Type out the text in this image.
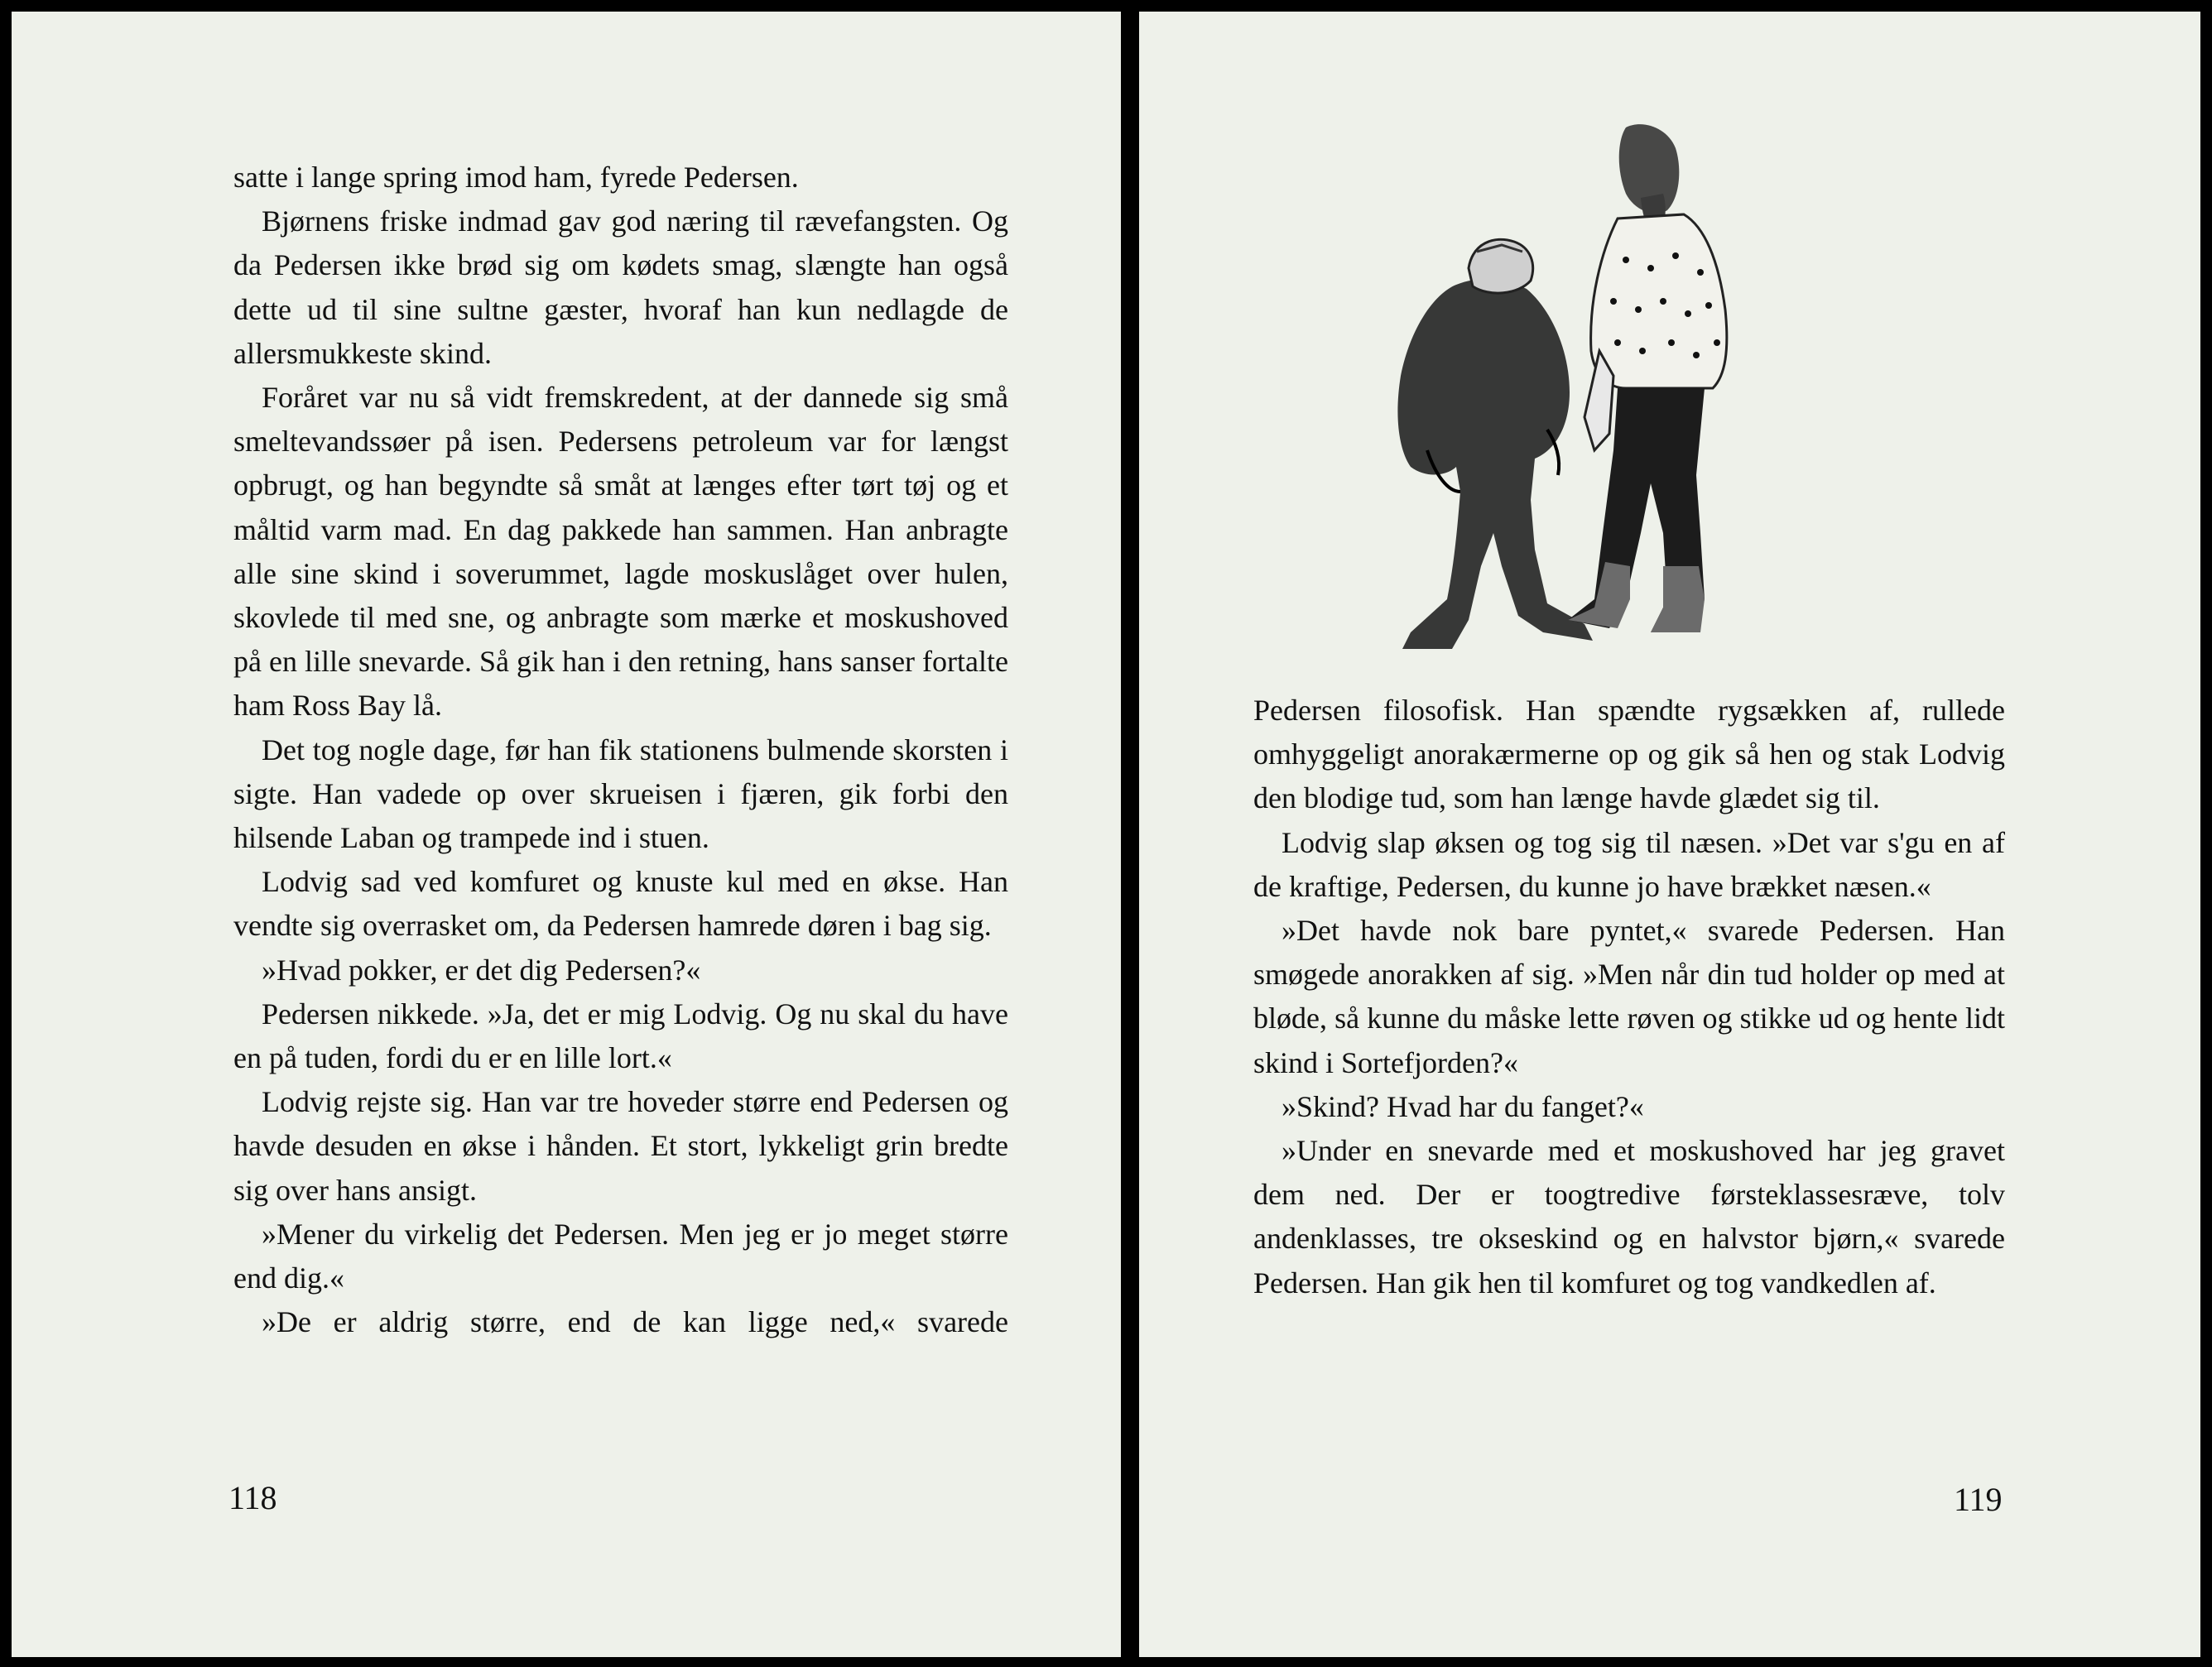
satte i lange spring imod ham, fyrede Pedersen.

Bjørnens friske indmad gav god næring til rævefangsten. Og da Pedersen ikke brød sig om kødets smag, slængte han også dette ud til sine sultne gæster, hvoraf han kun nedlagde de allersmukkeste skind.

Foråret var nu så vidt fremskredent, at der dannede sig små smeltevandssøer på isen. Pedersens petroleum var for længst opbrugt, og han begyndte så småt at længes efter tørt tøj og et måltid varm mad. En dag pakkede han sammen. Han anbragte alle sine skind i soverummet, lagde moskuslåget over hulen, skovlede til med sne, og anbragte som mærke et moskushoved på en lille snevarde. Så gik han i den retning, hans sanser fortalte ham Ross Bay lå.

Det tog nogle dage, før han fik stationens bulmende skorsten i sigte. Han vadede op over skrueisen i fjæren, gik forbi den hilsende Laban og trampede ind i stuen.

Lodvig sad ved komfuret og knuste kul med en økse. Han vendte sig overrasket om, da Pedersen hamrede døren i bag sig.

»Hvad pokker, er det dig Pedersen?«

Pedersen nikkede. »Ja, det er mig Lodvig. Og nu skal du have en på tuden, fordi du er en lille lort.«

Lodvig rejste sig. Han var tre hoveder større end Pedersen og havde desuden en økse i hånden. Et stort, lykkeligt grin bredte sig over hans ansigt.

»Mener du virkelig det Pedersen. Men jeg er jo meget større end dig.«

»De er aldrig større, end de kan ligge ned,« svarede

118

Pedersen filosofisk. Han spændte rygsækken af, rullede omhyggeligt anorakærmerne op og gik så hen og stak Lodvig den blodige tud, som han længe havde glædet sig til.

Lodvig slap øksen og tog sig til næsen. »Det var s'gu en af de kraftige, Pedersen, du kunne jo have brækket næsen.«

»Det havde nok bare pyntet,« svarede Pedersen. Han smøgede anorakken af sig. »Men når din tud holder op med at bløde, så kunne du måske lette røven og stikke ud og hente lidt skind i Sortefjorden?«

»Skind? Hvad har du fanget?«

»Under en snevarde med et moskushoved har jeg gravet dem ned. Der er toogtredive førsteklassesræve, tolv andenklasses, tre okseskind og en halvstor bjørn,« svarede Pedersen. Han gik hen til komfuret og tog vandkedlen af.

119
